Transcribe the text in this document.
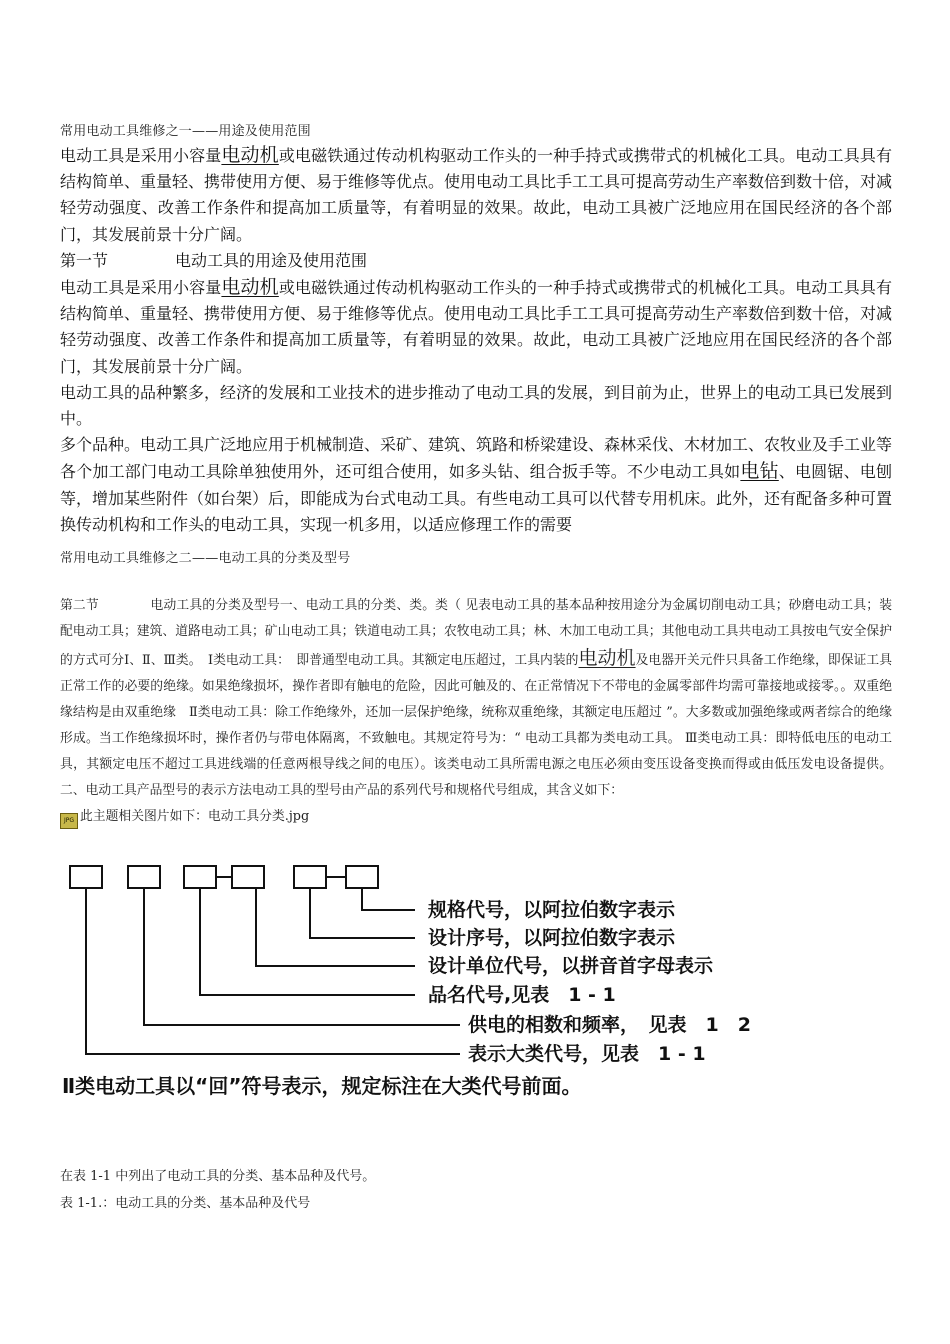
常用电动工具维修之一——用途及使用范围

电动工具是采用小容量电动机或电磁铁通过传动机构驱动工作头的一种手持式或携带式的机械化工具。电动工具具有结构简单、重量轻、携带使用方便、易于维修等优点。使用电动工具比手工工具可提高劳动生产率数倍到数十倍，对减轻劳动强度、改善工作条件和提高加工质量等，有着明显的效果。故此，电动工具被广泛地应用在国民经济的各个部门，其发展前景十分广阔。

第一节	电动工具的用途及使用范围

电动工具是采用小容量电动机或电磁铁通过传动机构驱动工作头的一种手持式或携带式的机械化工具。电动工具具有结构简单、重量轻、携带使用方便、易于维修等优点。使用电动工具比手工工具可提高劳动生产率数倍到数十倍，对减轻劳动强度、改善工作条件和提高加工质量等，有着明显的效果。故此，电动工具被广泛地应用在国民经济的各个部门，其发展前景十分广阔。

电动工具的品种繁多，经济的发展和工业技术的进步推动了电动工具的发展，到目前为止，世界上的电动工具已发展到中。

多个品种。电动工具广泛地应用于机械制造、采矿、建筑、筑路和桥梁建设、森林采伐、木材加工、农牧业及手工业等各个加工部门电动工具除单独使用外，还可组合使用，如多头钻、组合扳手等。不少电动工具如电钻、电圆锯、电刨等，增加某些附件（如台架）后，即能成为台式电动工具。有些电动工具可以代替专用机床。此外，还有配备多种可置换传动机构和工作头的电动工具，实现一机多用，以适应修理工作的需要

常用电动工具维修之二——电动工具的分类及型号

第二节　　　　电动工具的分类及型号一、电动工具的分类、类。类（ 见表电动工具的基本品种按用途分为金属切削电动工具；砂磨电动工具；装配电动工具；建筑、道路电动工具；矿山电动工具；铁道电动工具；农牧电动工具；林、木加工电动工具；其他电动工具共电动工具按电气安全保护的方式可分Ⅰ、Ⅱ、Ⅲ类。　Ⅰ类电动工具：　即普通型电动工具。其额定电压超过，工具内装的电动机及电器开关元件只具备工作绝缘，即保证工具正常工作的必要的绝缘。如果绝缘损坏，操作者即有触电的危险，因此可触及的、在正常情况下不带电的金属零部件均需可靠接地或接零。。双重绝缘结构是由双重绝缘　Ⅱ类电动工具：除工作绝缘外，还加一层保护绝缘，统称双重绝缘，其额定电压超过 ”。大多数或加强绝缘或两者综合的绝缘形成。当工作绝缘损坏时，操作者仍与带电体隔离，不致触电。其规定符号为：“ 电动工具都为类电动工具。 Ⅲ类电动工具：即特低电压的电动工具，其额定电压不超过工具进线端的任意两根导线之间的电压）。该类电动工具所需电源之电压必须由变压设备变换而得或由低压发电设备提供。二、电动工具产品型号的表示方法电动工具的型号由产品的系列代号和规格代号组成，其含义如下：

JPG 此主题相关图片如下：电动工具分类.jpg

规格代号，以阿拉伯数字表示
设计序号，以阿拉伯数字表示
设计单位代号，以拼音首字母表示
品名代号,见表　1 - 1
供电的相数和频率，　见表　1　2
表示大类代号，见表　1 - 1
Ⅱ类电动工具以“回”符号表示，规定标注在大类代号前面。
在表 1-1 中列出了电动工具的分类、基本品种及代号。
表 1-1.：电动工具的分类、基本品种及代号
